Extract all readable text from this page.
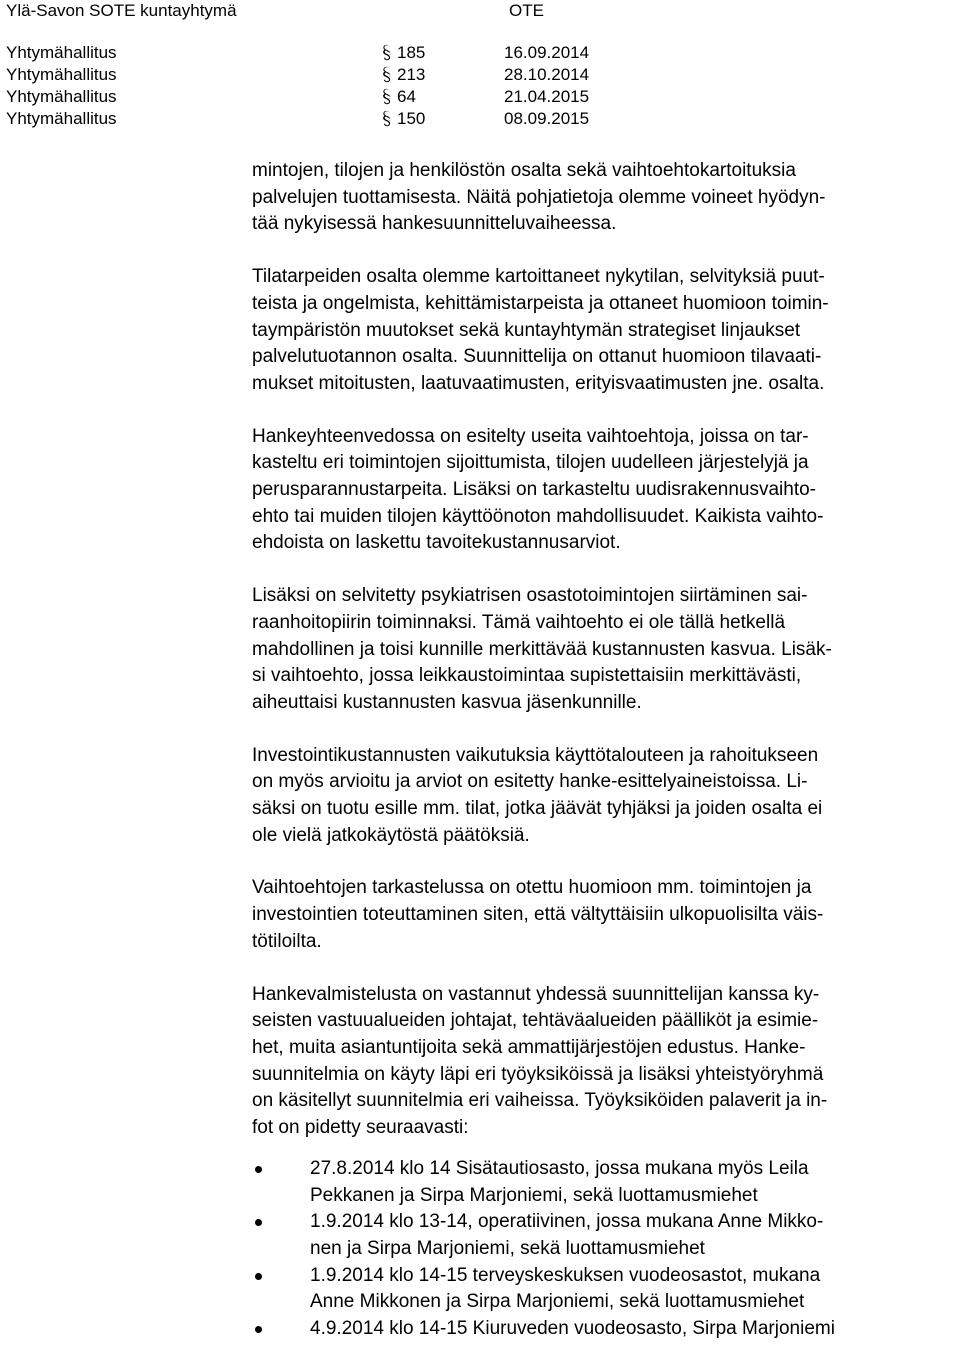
Ylä-Savon SOTE kuntayhtymä	OTE
Yhtymähallitus	185	16.09.2014
Yhtymähallitus	213	28.10.2014
Yhtymähallitus	64	21.04.2015
Yhtymähallitus	150	08.09.2015

mintojen, tilojen ja henkilöstön osalta sekä vaihtoehtokartoituksia
palvelujen tuottamisesta. Näitä pohjatietoja olemme voineet hyödyn-
tää nykyisessä hankesuunnitteluvaiheessa.

Tilatarpeiden osalta olemme kartoittaneet nykytilan, selvityksiä puut-
teista ja ongelmista, kehittämistarpeista ja ottaneet huomioon toimin-
taympäristön muutokset sekä kuntayhtymän strategiset linjaukset
palvelutuotannon osalta. Suunnittelija on ottanut huomioon tilavaati-
mukset mitoitusten, laatuvaatimusten, erityisvaatimusten jne. osalta.

Hankeyhteenvedossa on esitelty useita vaihtoehtoja, joissa on tar-
kasteltu eri toimintojen sijoittumista, tilojen uudelleen järjestelyjä ja
perusparannustarpeita. Lisäksi on tarkasteltu uudisrakennusvaihto-
ehto tai muiden tilojen käyttöönoton mahdollisuudet. Kaikista vaihto-
ehdoista on laskettu tavoitekustannusarviot.

Lisäksi on selvitetty psykiatrisen osastotoimintojen siirtäminen sai-
raanhoitopiirin toiminnaksi. Tämä vaihtoehto ei ole tällä hetkellä
mahdollinen ja toisi kunnille merkittävää kustannusten kasvua. Lisäk-
si vaihtoehto, jossa leikkaustoimintaa supistettaisiin merkittävästi,
aiheuttaisi kustannusten kasvua jäsenkunnille.

Investointikustannusten vaikutuksia käyttötalouteen ja rahoitukseen
on myös arvioitu ja arviot on esitetty hanke-esittelyaineistoissa. Li-
säksi on tuotu esille mm. tilat, jotka jäävät tyhjäksi ja joiden osalta ei
ole vielä jatkokäytöstä päätöksiä.

Vaihtoehtojen tarkastelussa on otettu huomioon mm. toimintojen ja
investointien toteuttaminen siten, että vältyttäisiin ulkopuolisilta väis-
tötiloilta.

Hankevalmistelusta on vastannut yhdessä suunnittelijan kanssa ky-
seisten vastuualueiden johtajat, tehtäväalueiden päälliköt ja esimie-
het, muita asiantuntijoita sekä ammattijärjestöjen edustus. Hanke-
suunnitelmia on käyty läpi eri työyksiköissä ja lisäksi yhteistyöryhmä
on käsitellyt suunnitelmia eri vaiheissa. Työyksiköiden palaverit ja in-
fot on pidetty seuraavasti:

27.8.2014 klo 14 Sisätautiosasto, jossa mukana myös Leila
Pekkanen ja Sirpa Marjoniemi, sekä luottamusmiehet
1.9.2014 klo 13-14, operatiivinen, jossa mukana Anne Mikko-
nen ja Sirpa Marjoniemi, sekä luottamusmiehet
1.9.2014 klo 14-15 terveyskeskuksen vuodeosastot, mukana
Anne Mikkonen ja Sirpa Marjoniemi, sekä luottamusmiehet
4.9.2014 klo 14-15 Kiuruveden vuodeosasto, Sirpa Marjoniemi
